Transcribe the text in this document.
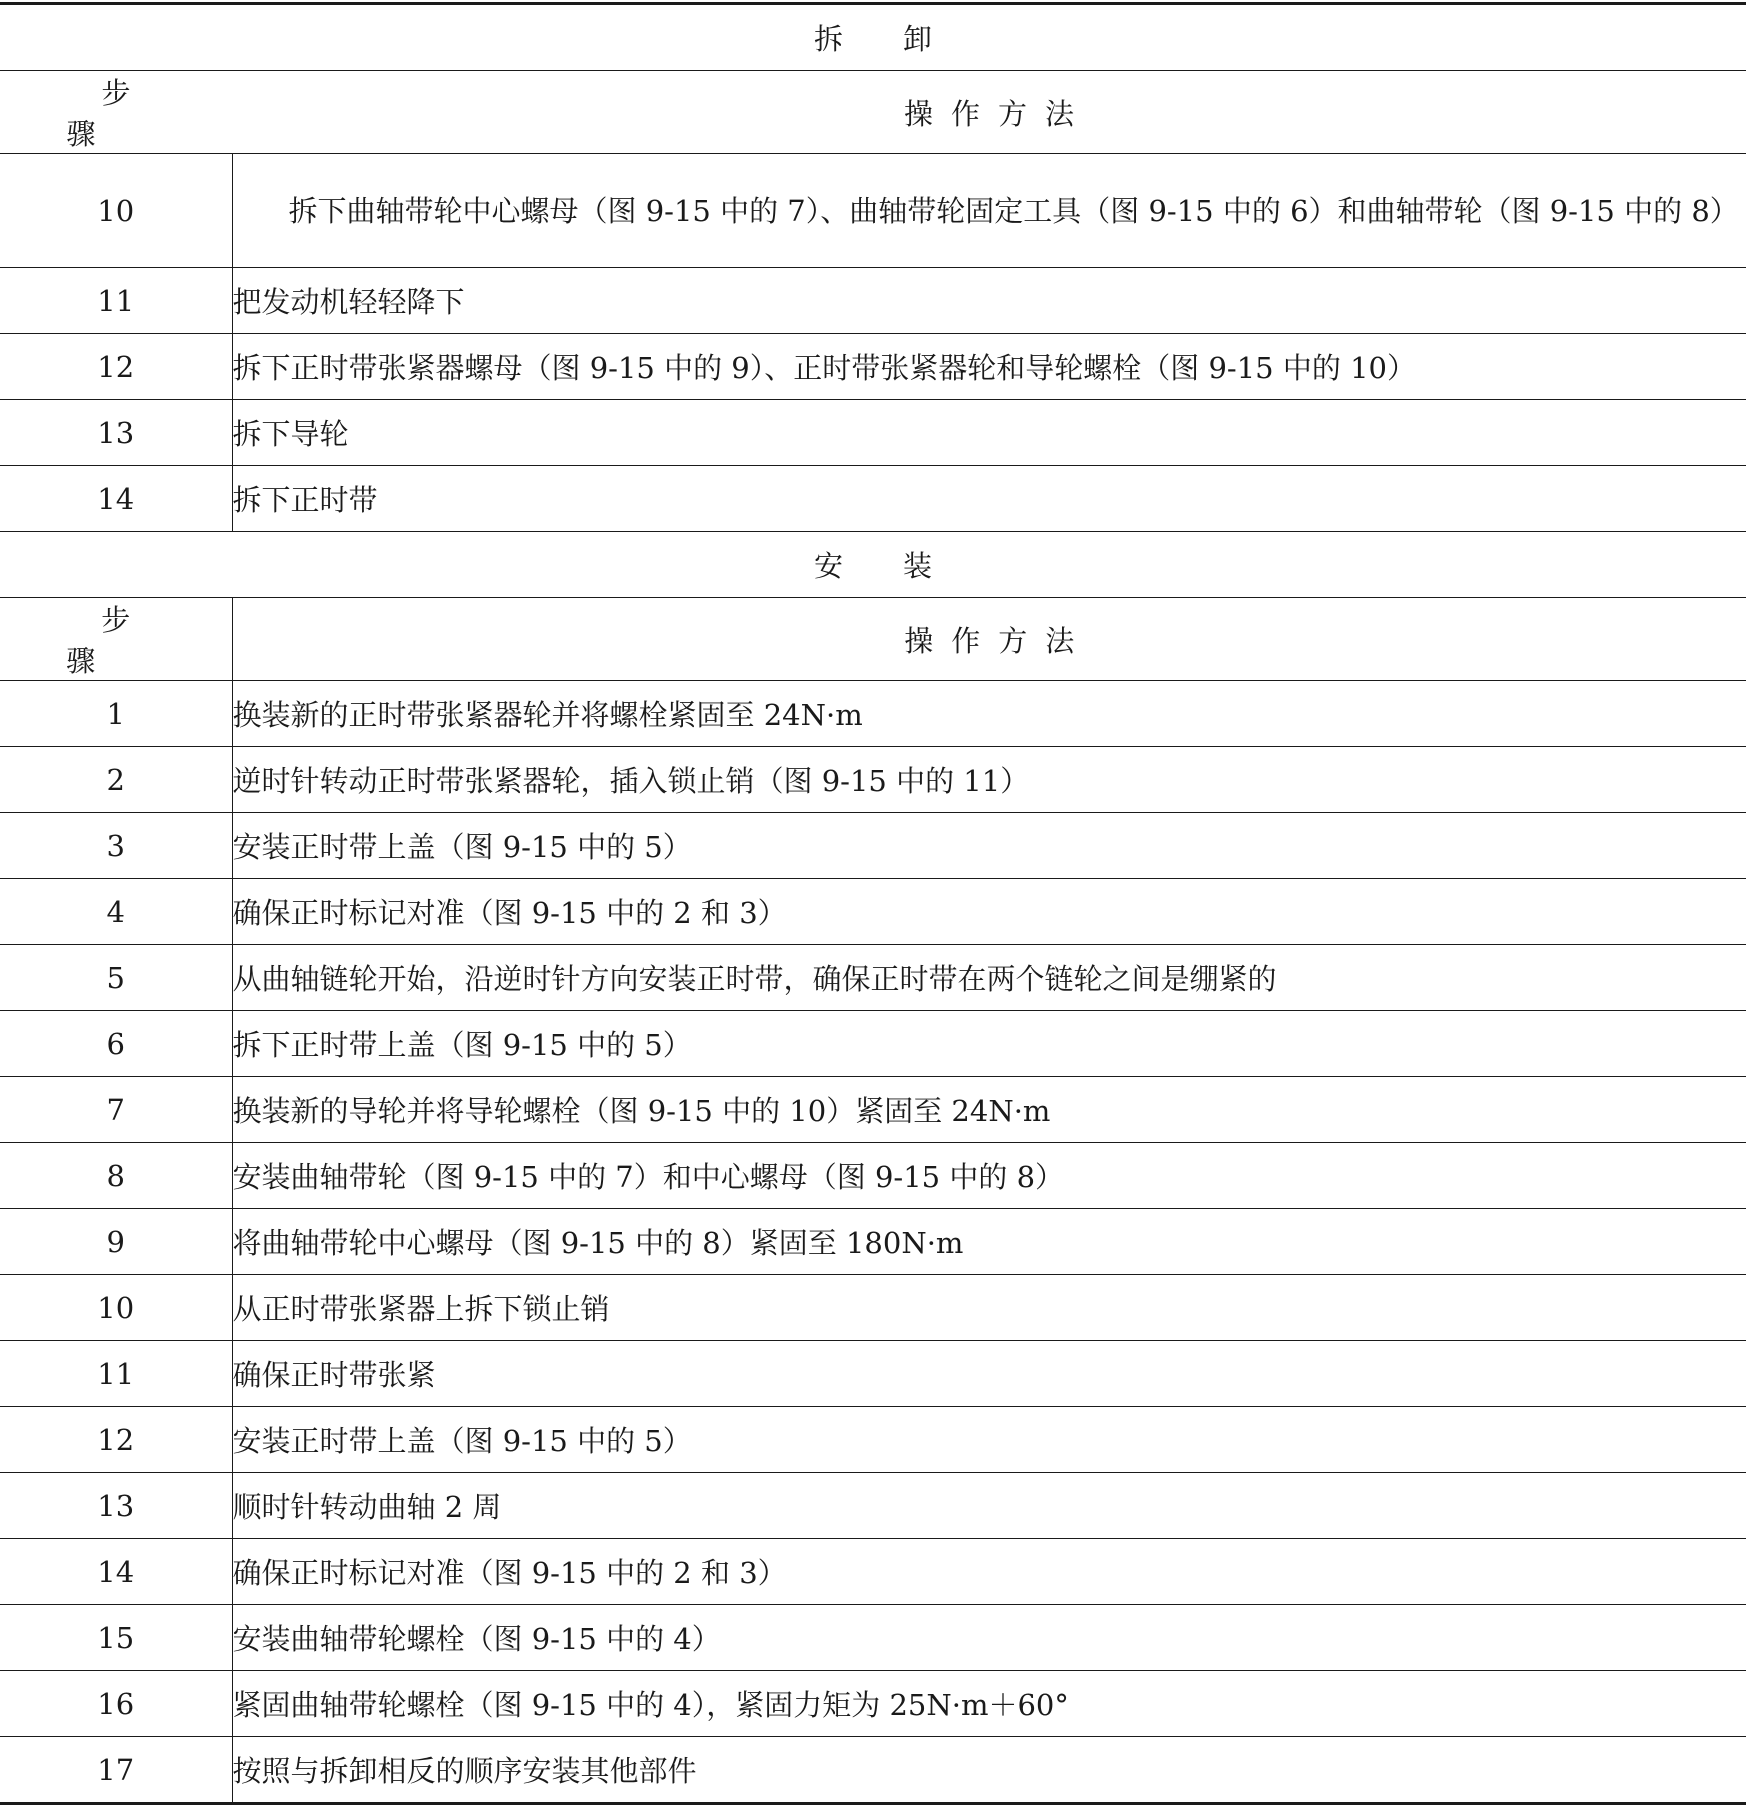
拆卸	
步骤	操作方法
10	拆下曲轴带轮中心螺母（图 9-15 中的 7）、曲轴带轮固定工具（图 9-15 中的 6）和曲轴带轮（图 9-15 中的 8）
11	把发动机轻轻降下
12	拆下正时带张紧器螺母（图 9-15 中的 9）、正时带张紧器轮和导轮螺栓（图 9-15 中的 10）
13	拆下导轮
14	拆下正时带
安装	
步骤	操作方法
1	换装新的正时带张紧器轮并将螺栓紧固至 24N·m
2	逆时针转动正时带张紧器轮，插入锁止销（图 9-15 中的 11）
3	安装正时带上盖（图 9-15 中的 5）
4	确保正时标记对准（图 9-15 中的 2 和 3）
5	从曲轴链轮开始，沿逆时针方向安装正时带，确保正时带在两个链轮之间是绷紧的
6	拆下正时带上盖（图 9-15 中的 5）
7	换装新的导轮并将导轮螺栓（图 9-15 中的 10）紧固至 24N·m
8	安装曲轴带轮（图 9-15 中的 7）和中心螺母（图 9-15 中的 8）
9	将曲轴带轮中心螺母（图 9-15 中的 8）紧固至 180N·m
10	从正时带张紧器上拆下锁止销
11	确保正时带张紧
12	安装正时带上盖（图 9-15 中的 5）
13	顺时针转动曲轴 2 周
14	确保正时标记对准（图 9-15 中的 2 和 3）
15	安装曲轴带轮螺栓（图 9-15 中的 4）
16	紧固曲轴带轮螺栓（图 9-15 中的 4），紧固力矩为 25N·m＋60°
17	按照与拆卸相反的顺序安装其他部件
